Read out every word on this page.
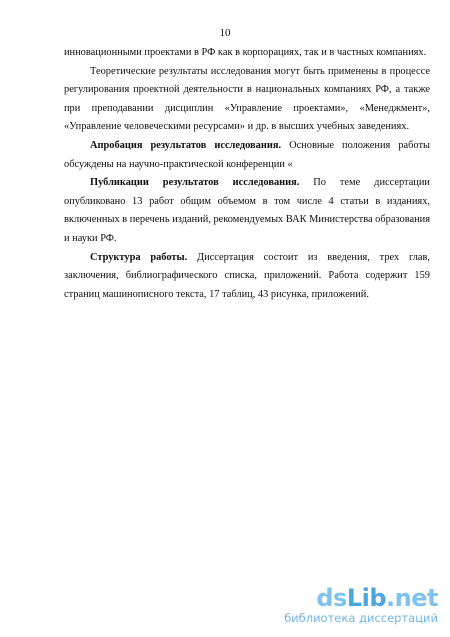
10

инновационными проектами в РФ как в корпорациях, так и в частных компаниях.

Теоретические результаты исследования могут быть применены в процессе регулирования проектной деятельности в национальных компаниях РФ, а также при преподавании дисциплин «Управление проектами», «Менеджмент», «Управление человеческими ресурсами» и др. в высших учебных заведениях.

Апробация результатов исследования. Основные положения работы обсуждены на научно-практической конференции «

Публикации результатов исследования. По теме диссертации опубликовано 13 работ общим объемом в том числе 4 статьи в изданиях, включенных в перечень изданий, рекомендуемых ВАК Министерства образования и науки РФ.

Структура работы. Диссертация состоит из введения, трех глав, заключения, библиографического списка, приложений. Работа содержит 159 страниц машинописного текста, 17 таблиц, 43 рисунка, приложений.

dsLib.net
библиотека диссертаций
